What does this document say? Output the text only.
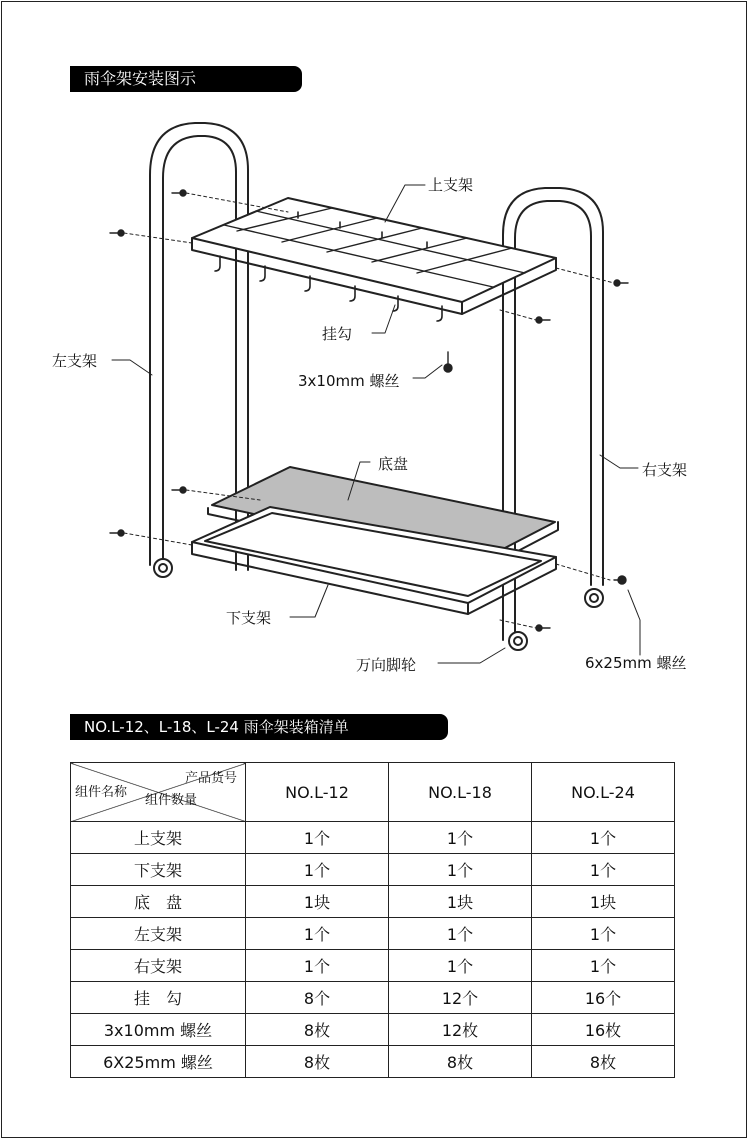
雨伞架安装图示
上支架
挂勾
3x10mm 螺丝
左支架
底盘	右支架
下支架
万向脚轮	6x25mm 螺丝
NO.L-12、L-18、L-24 雨伞架装箱清单
产品货号
组件数量
组件名称	NO.L-12	NO.L-18	NO.L-24
上支架	1个	1个	1个
下支架	1个	1个	1个
底　盘	1块	1块	1块
左支架	1个	1个	1个
右支架	1个	1个	1个
挂　勾	8个	12个	16个
3x10mm 螺丝	8枚	12枚	16枚
6X25mm 螺丝	8枚	8枚	8枚
